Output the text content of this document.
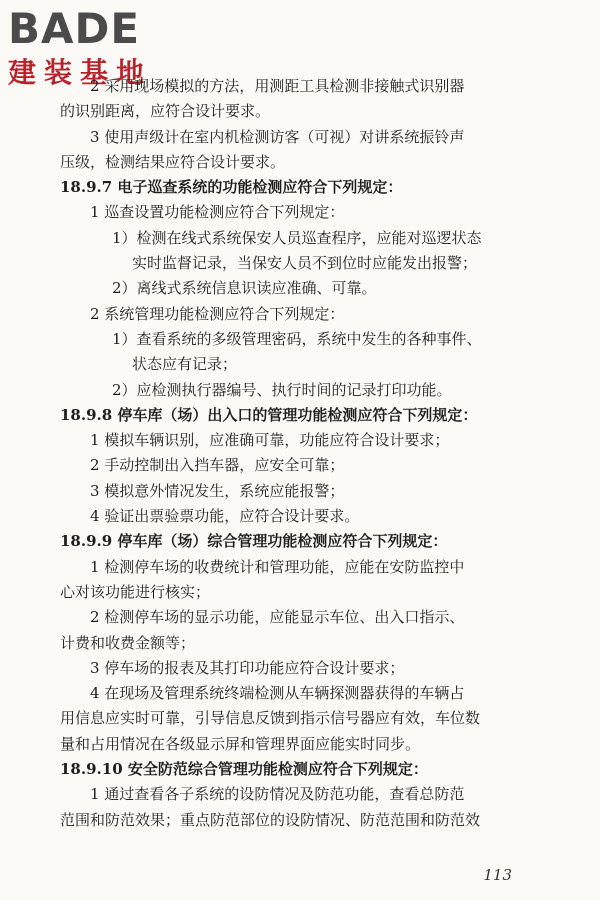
BADE
建装基地
2 采用现场模拟的方法，用测距工具检测非接触式识别器
的识别距离，应符合设计要求。
3 使用声级计在室内机检测访客（可视）对讲系统振铃声
压级，检测结果应符合设计要求。
18.9.7 电子巡查系统的功能检测应符合下列规定：
1 巡查设置功能检测应符合下列规定：
1）检测在线式系统保安人员巡查程序，应能对巡逻状态
实时监督记录，当保安人员不到位时应能发出报警；
2）离线式系统信息识读应准确、可靠。
2 系统管理功能检测应符合下列规定：
1）查看系统的多级管理密码，系统中发生的各种事件、
状态应有记录；
2）应检测执行器编号、执行时间的记录打印功能。
18.9.8 停车库（场）出入口的管理功能检测应符合下列规定：
1 模拟车辆识别，应准确可靠，功能应符合设计要求；
2 手动控制出入挡车器，应安全可靠；
3 模拟意外情况发生，系统应能报警；
4 验证出票验票功能，应符合设计要求。
18.9.9 停车库（场）综合管理功能检测应符合下列规定：
1 检测停车场的收费统计和管理功能，应能在安防监控中
心对该功能进行核实；
2 检测停车场的显示功能，应能显示车位、出入口指示、
计费和收费金额等；
3 停车场的报表及其打印功能应符合设计要求；
4 在现场及管理系统终端检测从车辆探测器获得的车辆占
用信息应实时可靠，引导信息反馈到指示信号器应有效，车位数
量和占用情况在各级显示屏和管理界面应能实时同步。
18.9.10 安全防范综合管理功能检测应符合下列规定：
1 通过查看各子系统的设防情况及防范功能，查看总防范
范围和防范效果；重点防范部位的设防情况、防范范围和防范效
113
